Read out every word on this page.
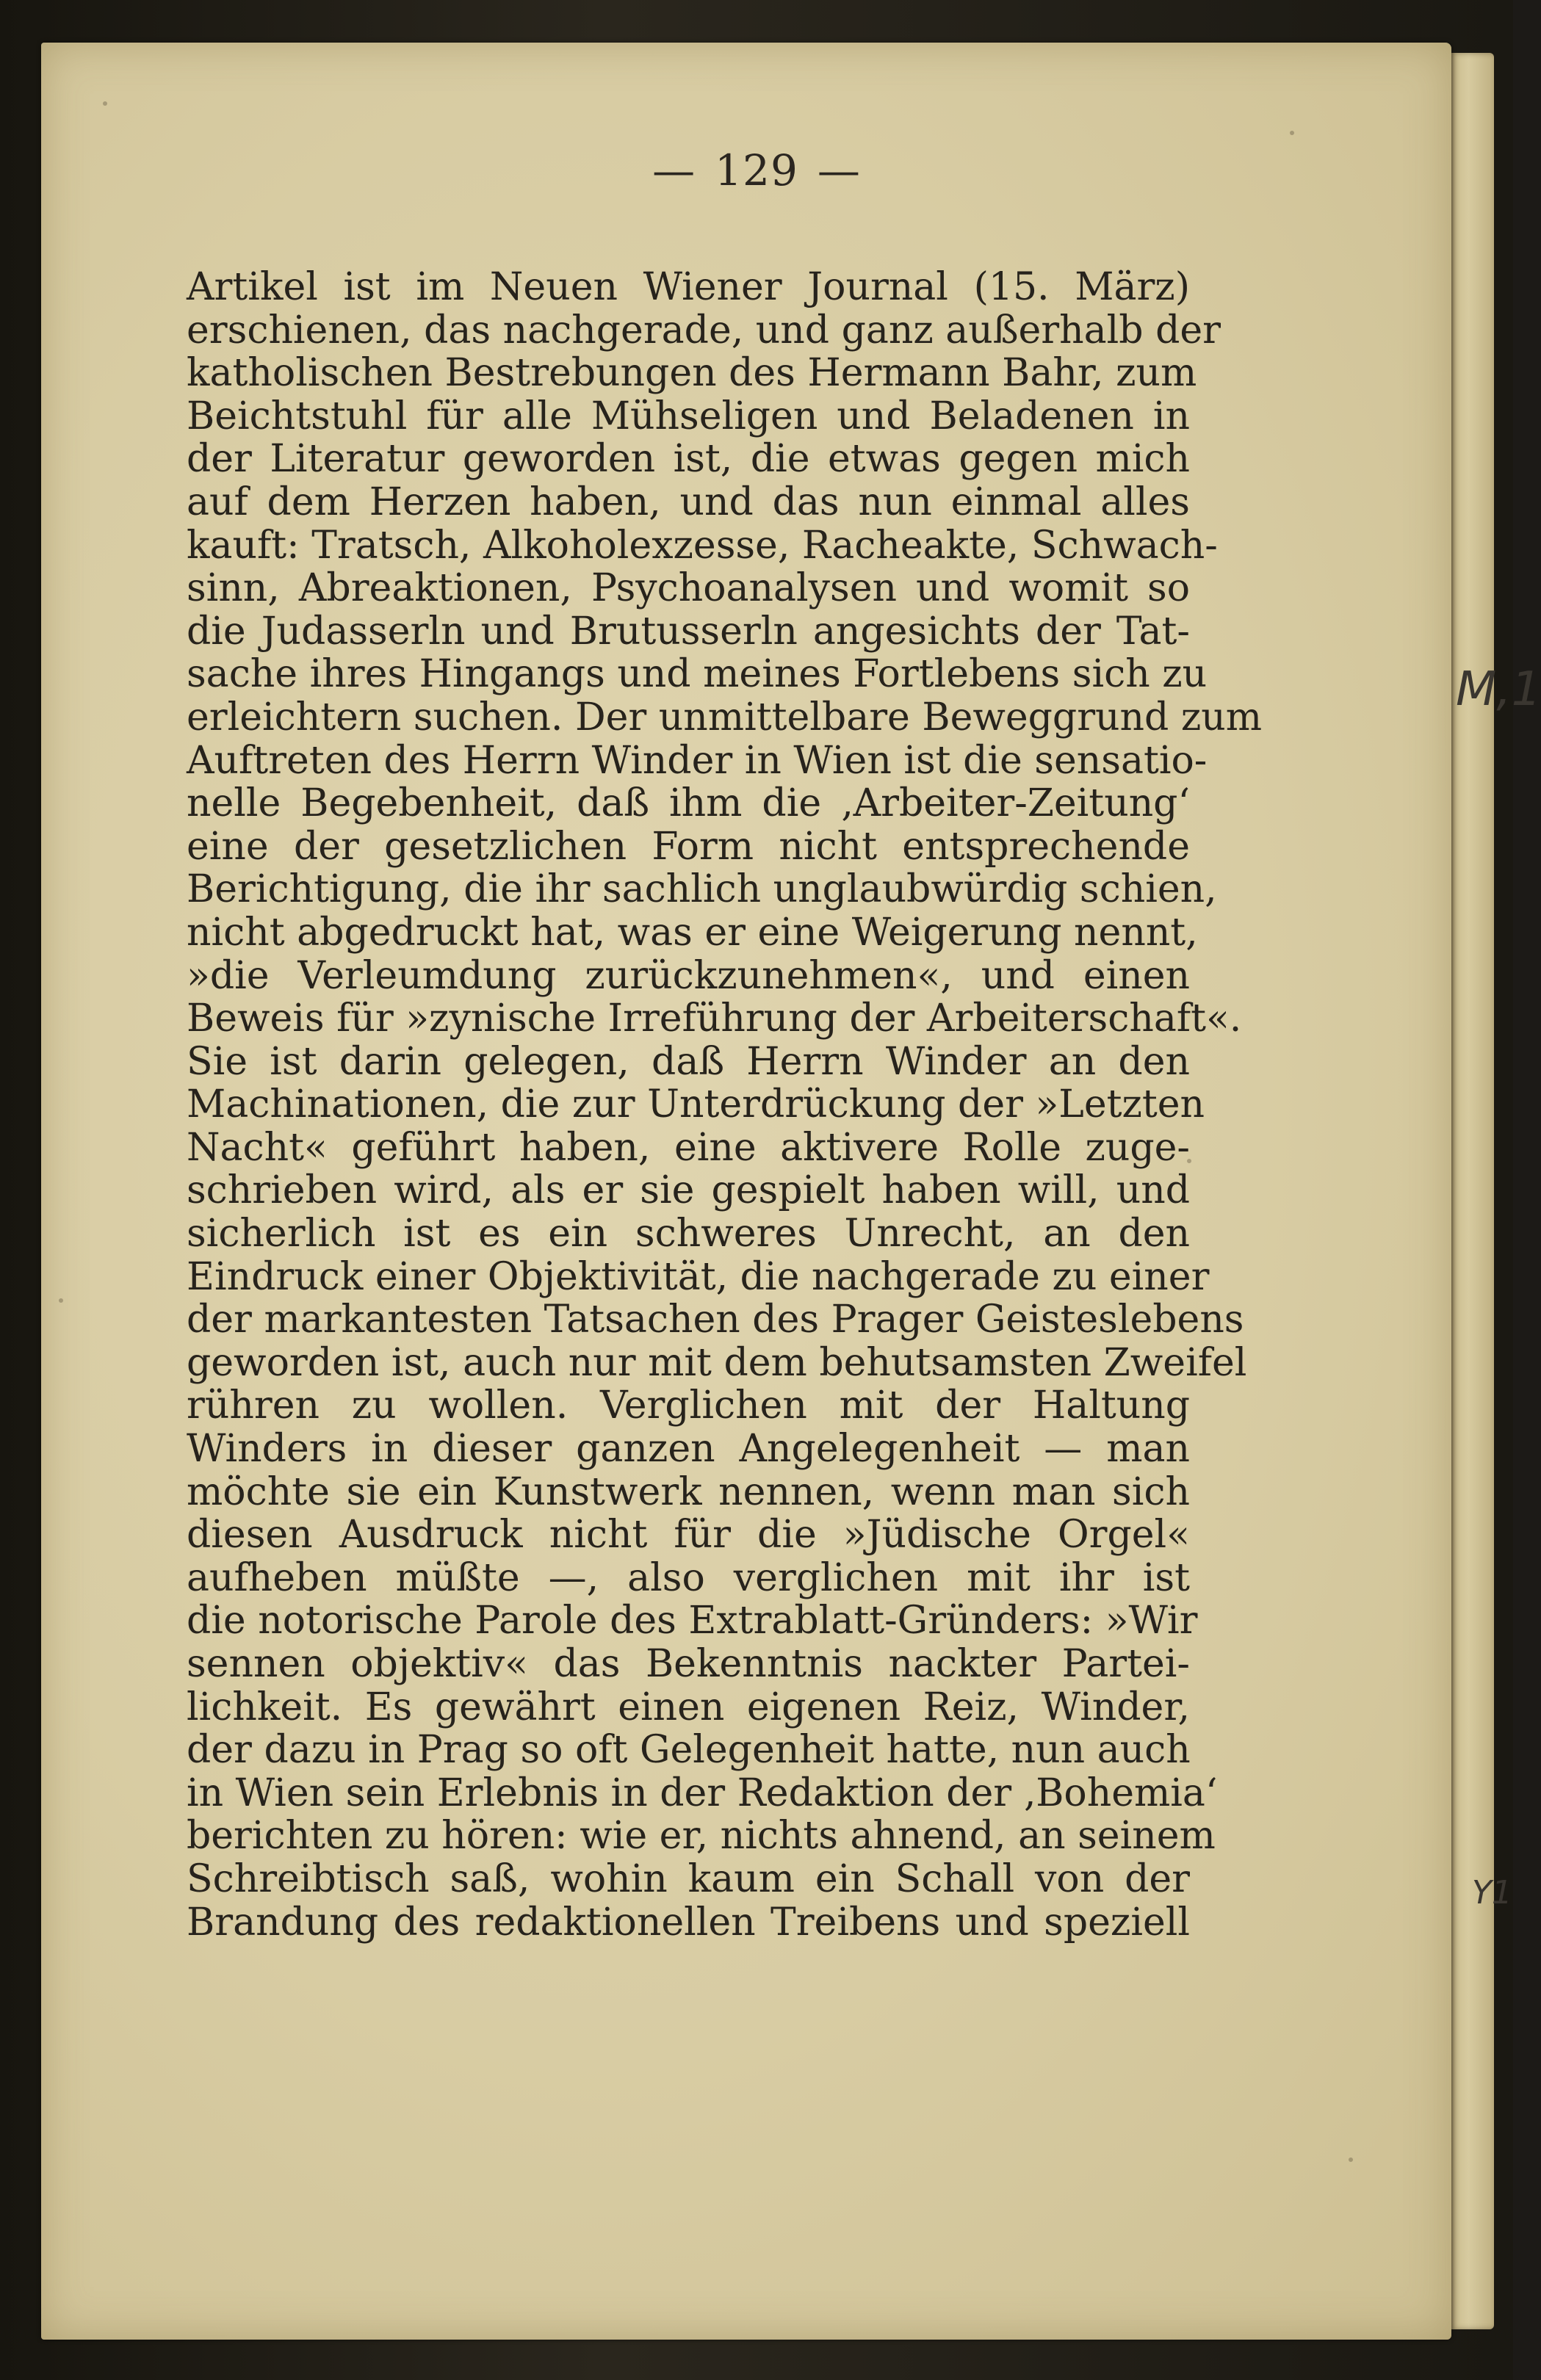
— 129 —
Artikel ist im Neuen Wiener Journal (15. März)
erschienen, das nachgerade, und ganz außerhalb der
katholischen Bestrebungen des Hermann Bahr, zum
Beichtstuhl für alle Mühseligen und Beladenen in
der Literatur geworden ist, die etwas gegen mich
auf dem Herzen haben, und das nun einmal alles
kauft: Tratsch, Alkoholexzesse, Racheakte, Schwach-
sinn, Abreaktionen, Psychoanalysen und womit so
die Judasserln und Brutusserln angesichts der Tat-
sache ihres Hingangs und meines Fortlebens sich zu
erleichtern suchen. Der unmittelbare Beweggrund zum
Auftreten des Herrn Winder in Wien ist die sensatio-
nelle Begebenheit, daß ihm die ‚Arbeiter-Zeitung‘
eine der gesetzlichen Form nicht entsprechende
Berichtigung, die ihr sachlich unglaubwürdig schien,
nicht abgedruckt hat, was er eine Weigerung nennt,
»die Verleumdung zurückzunehmen«, und einen
Beweis für »zynische Irreführung der Arbeiterschaft«.
Sie ist darin gelegen, daß Herrn Winder an den
Machinationen, die zur Unterdrückung der »Letzten
Nacht« geführt haben, eine aktivere Rolle zuge-
schrieben wird, als er sie gespielt haben will, und
sicherlich ist es ein schweres Unrecht, an den
Eindruck einer Objektivität, die nachgerade zu einer
der markantesten Tatsachen des Prager Geisteslebens
geworden ist, auch nur mit dem behutsamsten Zweifel
rühren zu wollen. Verglichen mit der Haltung
Winders in dieser ganzen Angelegenheit — man
möchte sie ein Kunstwerk nennen, wenn man sich
diesen Ausdruck nicht für die »Jüdische Orgel«
aufheben müßte —, also verglichen mit ihr ist
die notorische Parole des Extrablatt-Gründers: »Wir
sennen objektiv« das Bekenntnis nackter Partei-
lichkeit. Es gewährt einen eigenen Reiz, Winder,
der dazu in Prag so oft Gelegenheit hatte, nun auch
in Wien sein Erlebnis in der Redaktion der ‚Bohemia‘
berichten zu hören: wie er, nichts ahnend, an seinem
Schreibtisch saß, wohin kaum ein Schall von der
Brandung des redaktionellen Treibens und speziell
M,1
Y1
